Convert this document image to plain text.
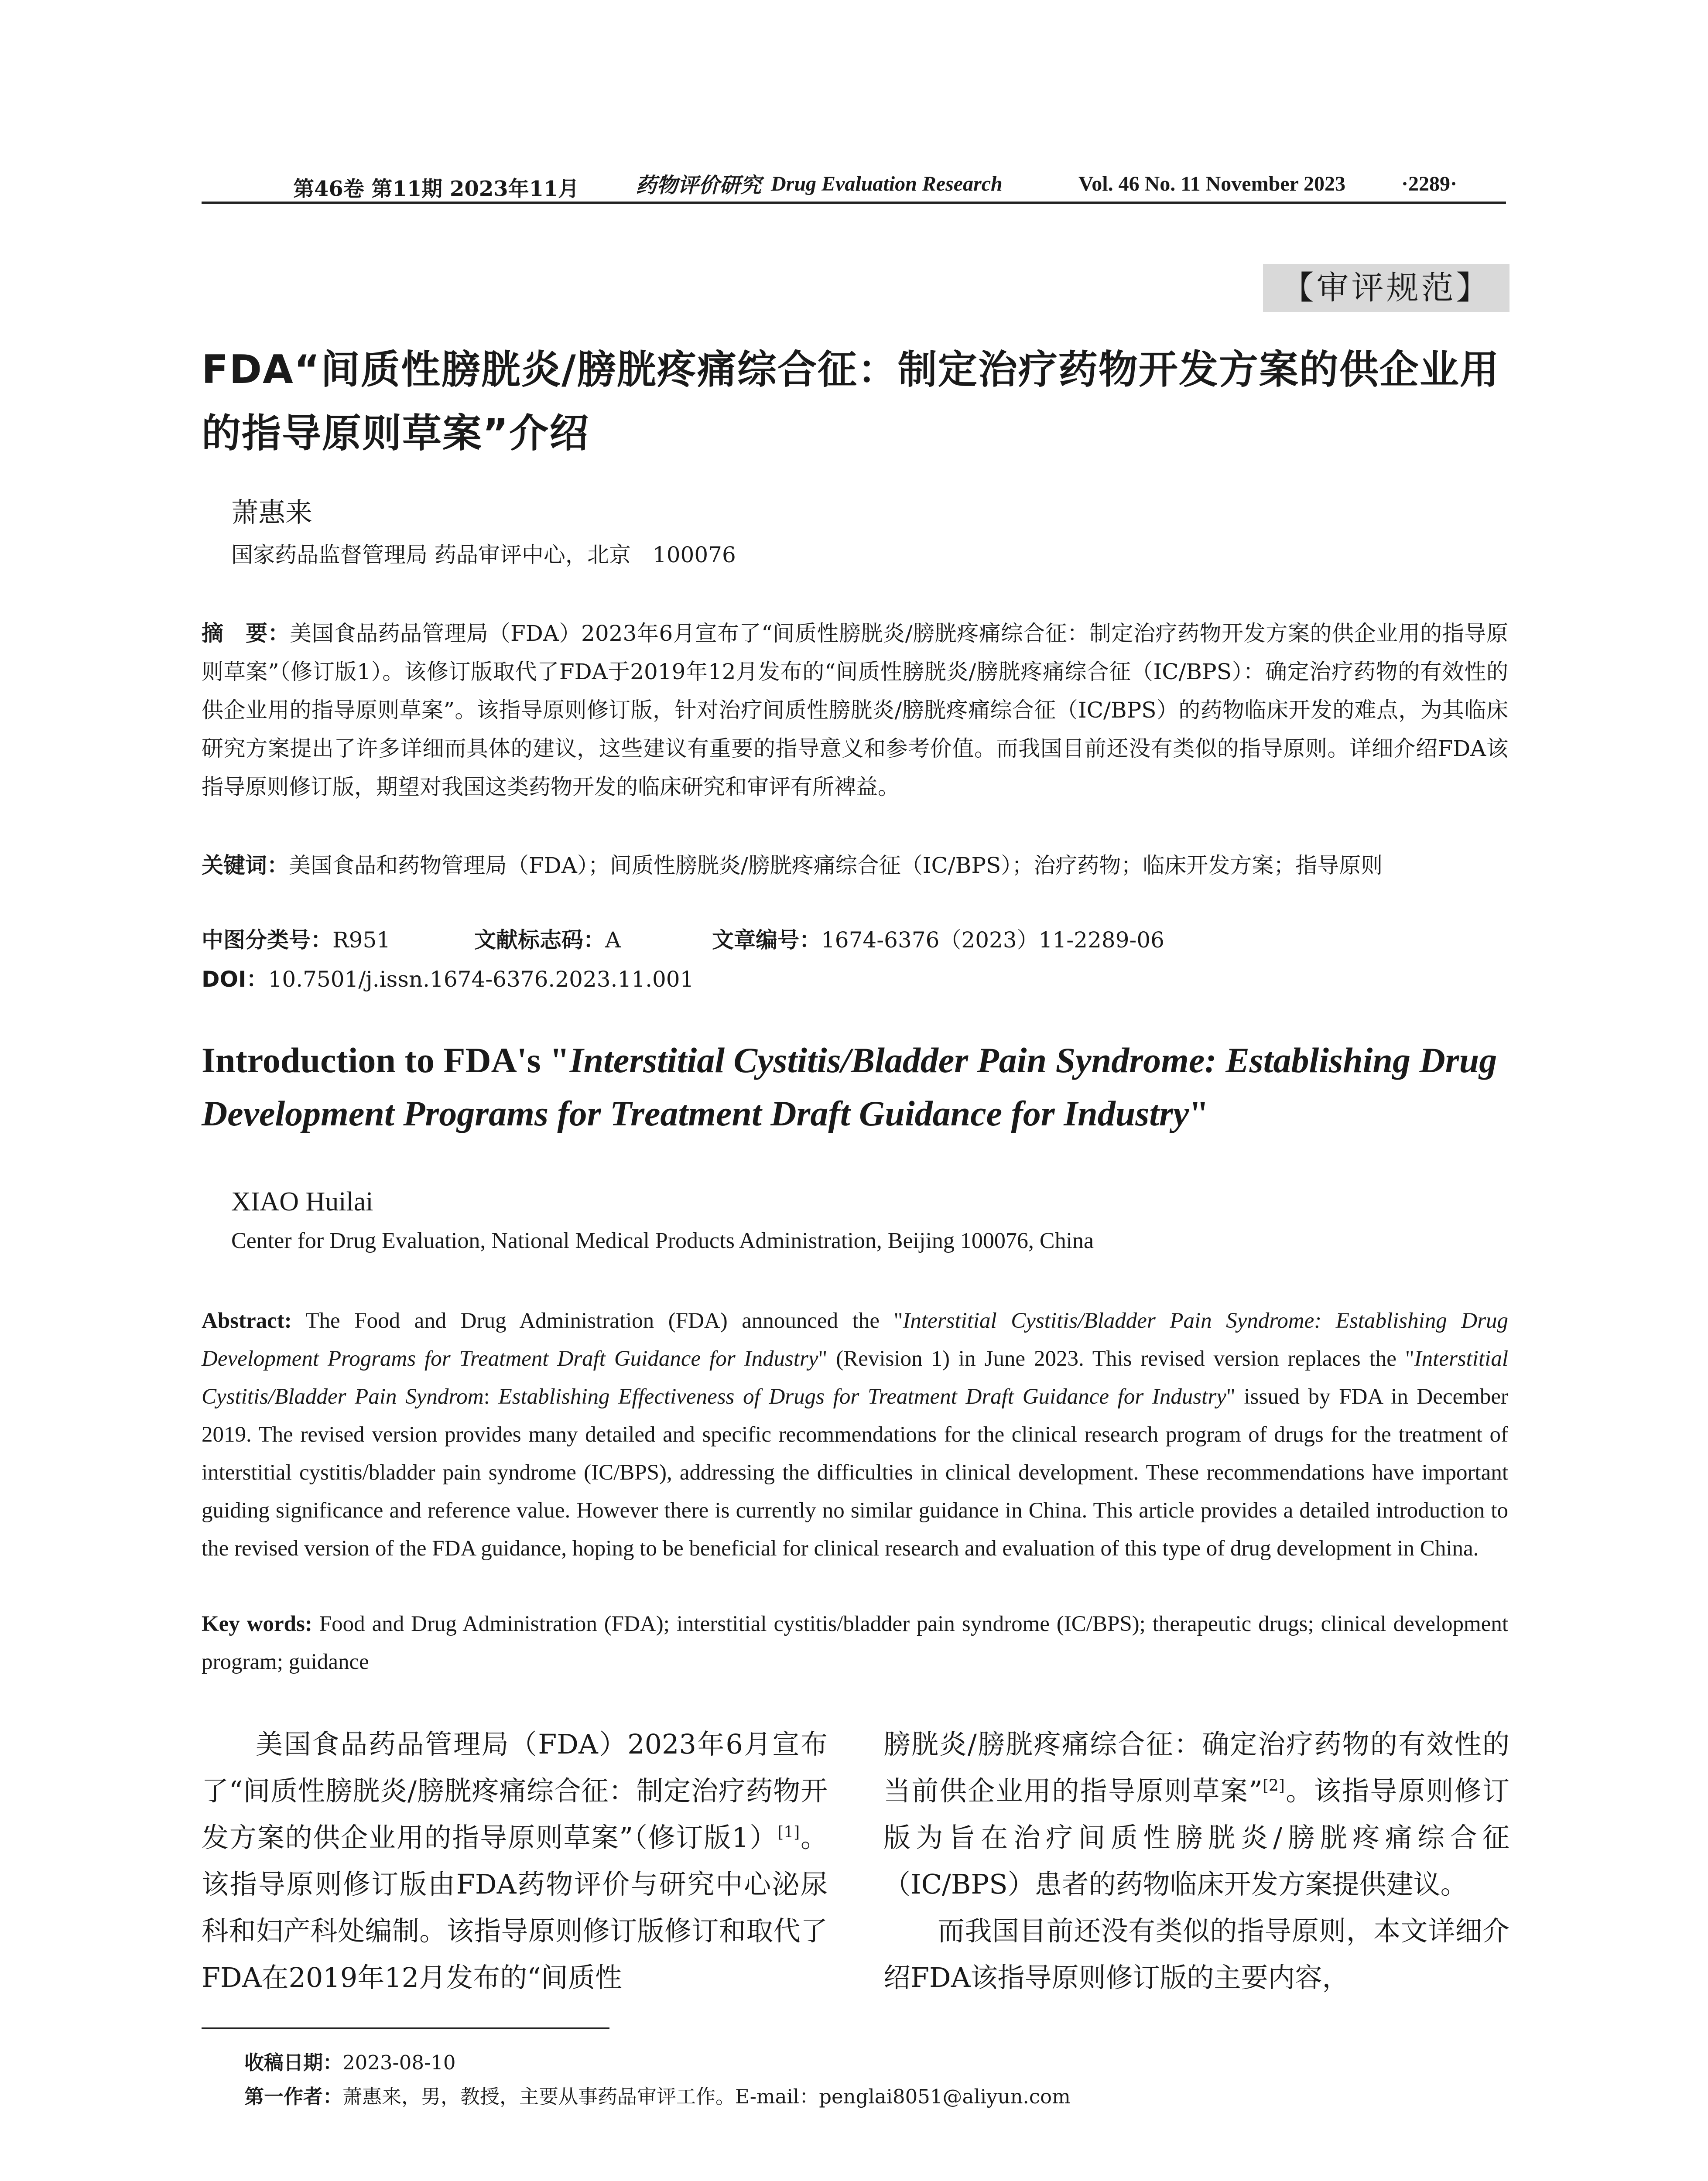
第46卷 第11期 2023年11月	药物评价研究 Drug Evaluation Research	Vol. 46 No. 11 November 2023	·2289·
【审评规范】
FDA“间质性膀胱炎/膀胱疼痛综合征：制定治疗药物开发方案的供企业用的指导原则草案”介绍
萧惠来
国家药品监督管理局 药品审评中心，北京　100076
摘　要：美国食品药品管理局（FDA）2023年6月宣布了“间质性膀胱炎/膀胱疼痛综合征：制定治疗药物开发方案的供企业用的指导原则草案”（修订版1）。该修订版取代了FDA于2019年12月发布的“间质性膀胱炎/膀胱疼痛综合征（IC/BPS）：确定治疗药物的有效性的供企业用的指导原则草案”。该指导原则修订版，针对治疗间质性膀胱炎/膀胱疼痛综合征（IC/BPS）的药物临床开发的难点，为其临床研究方案提出了许多详细而具体的建议，这些建议有重要的指导意义和参考价值。而我国目前还没有类似的指导原则。详细介绍FDA该指导原则修订版，期望对我国这类药物开发的临床研究和审评有所裨益。
关键词：美国食品和药物管理局（FDA）；间质性膀胱炎/膀胱疼痛综合征（IC/BPS）；治疗药物；临床开发方案；指导原则
中图分类号：R951	文献标志码：A	文章编号：1674-6376（2023）11-2289-06
DOI：10.7501/j.issn.1674-6376.2023.11.001
Introduction to FDA's "Interstitial Cystitis/Bladder Pain Syndrome: Establishing Drug Development Programs for Treatment Draft Guidance for Industry"
XIAO Huilai
Center for Drug Evaluation, National Medical Products Administration, Beijing 100076, China
Abstract: The Food and Drug Administration (FDA) announced the "Interstitial Cystitis/Bladder Pain Syndrome: Establishing Drug Development Programs for Treatment Draft Guidance for Industry" (Revision 1) in June 2023. This revised version replaces the "Interstitial Cystitis/Bladder Pain Syndrom: Establishing Effectiveness of Drugs for Treatment Draft Guidance for Industry" issued by FDA in December 2019. The revised version provides many detailed and specific recommendations for the clinical research program of drugs for the treatment of interstitial cystitis/bladder pain syndrome (IC/BPS), addressing the difficulties in clinical development. These recommendations have important guiding significance and reference value. However there is currently no similar guidance in China. This article provides a detailed introduction to the revised version of the FDA guidance, hoping to be beneficial for clinical research and evaluation of this type of drug development in China.
Key words: Food and Drug Administration (FDA); interstitial cystitis/bladder pain syndrome (IC/BPS); therapeutic drugs; clinical development program; guidance

美国食品药品管理局（FDA）2023年6月宣布了“间质性膀胱炎/膀胱疼痛综合征：制定治疗药物开发方案的供企业用的指导原则草案”（修订版1）[1]。该指导原则修订版由FDA药物评价与研究中心泌尿科和妇产科处编制。该指导原则修订版修订和取代了FDA在2019年12月发布的“间质性

膀胱炎/膀胱疼痛综合征：确定治疗药物的有效性的当前供企业用的指导原则草案”[2]。该指导原则修订版为旨在治疗间质性膀胱炎/膀胱疼痛综合征（IC/BPS）患者的药物临床开发方案提供建议。

而我国目前还没有类似的指导原则，本文详细介绍FDA该指导原则修订版的主要内容，

收稿日期：2023-08-10
第一作者：萧惠来，男，教授，主要从事药品审评工作。E-mail：penglai8051@aliyun.com
